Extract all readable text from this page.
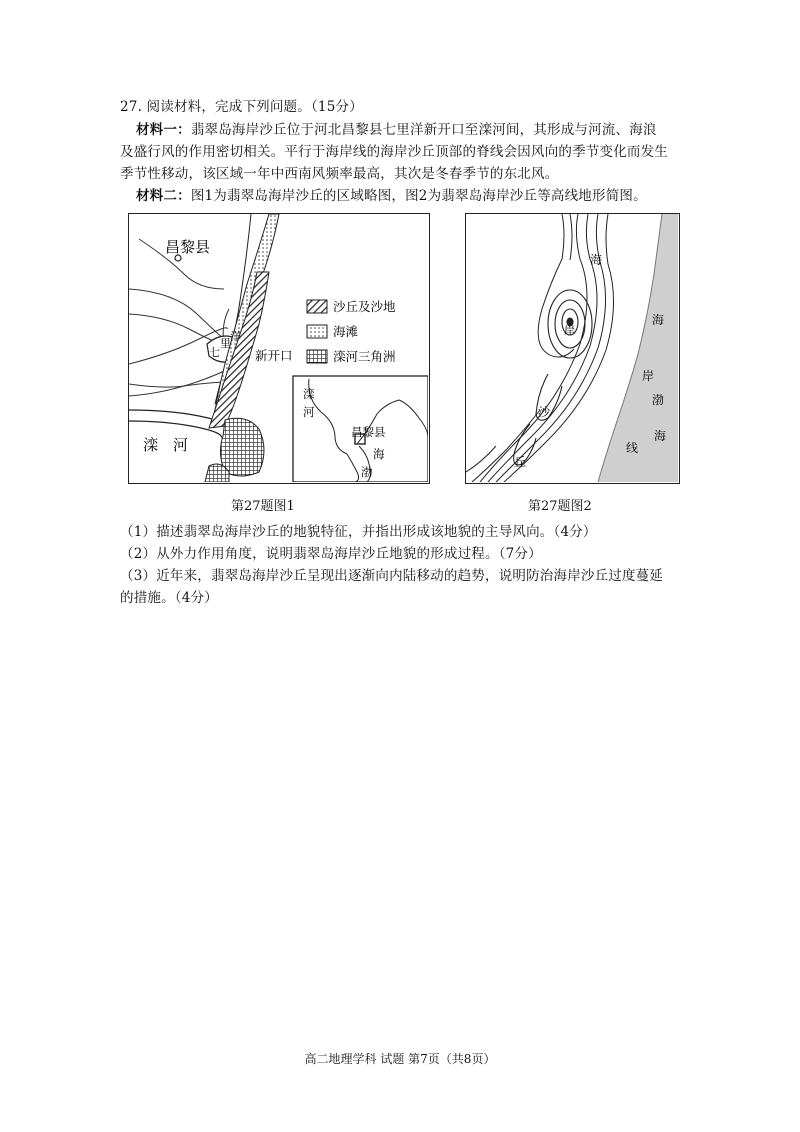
27. 阅读材料，完成下列问题。（15分）
材料一：翡翠岛海岸沙丘位于河北昌黎县七里洋新开口至滦河间，其形成与河流、海浪
及盛行风的作用密切相关。平行于海岸线的海岸沙丘顶部的脊线会因风向的季节变化而发生
季节性移动，该区域一年中西南风频率最高，其次是冬春季节的东北风。
材料二：图1为翡翠岛海岸沙丘的区域略图，图2为翡翠岛海岸沙丘等高线地形简图。
昌黎县
七
里
洋
新开口
滦　河
沙丘及沙地
海滩
滦河三角洲
滦
河
昌黎县
海
渤
第27题图1
海
岸
渤
海
线
海
岸
沙
丘
第27题图2
（1）描述翡翠岛海岸沙丘的地貌特征，并指出形成该地貌的主导风向。（4分）
（2）从外力作用角度，说明翡翠岛海岸沙丘地貌的形成过程。（7分）
（3）近年来，翡翠岛海岸沙丘呈现出逐渐向内陆移动的趋势，说明防治海岸沙丘过度蔓延
的措施。（4分）
高二地理学科 试题 第7页（共8页）
